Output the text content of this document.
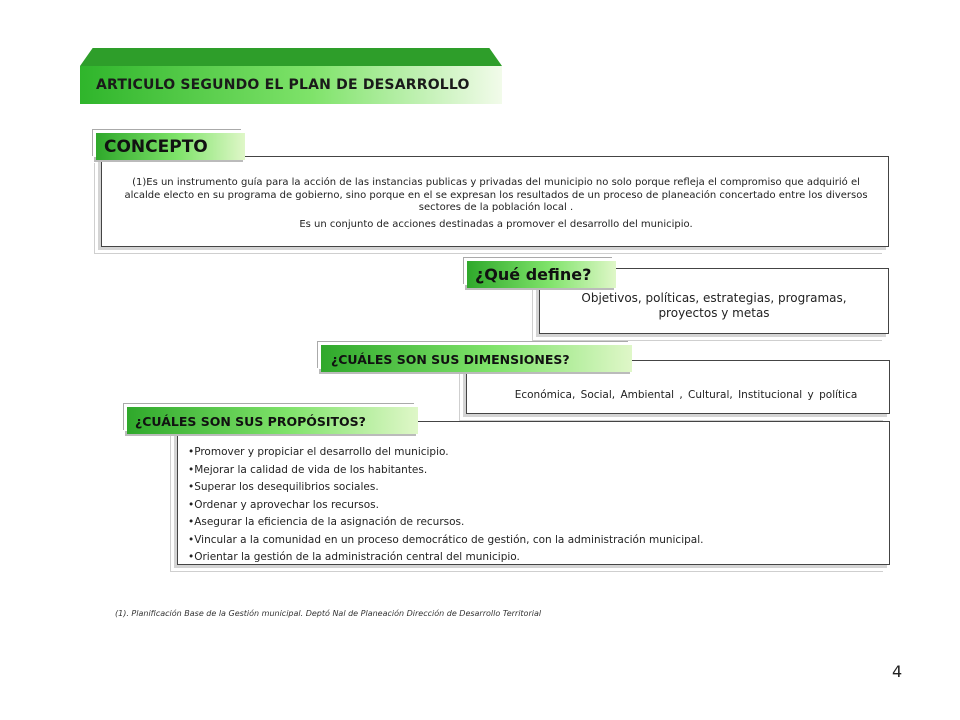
ARTICULO SEGUNDO EL PLAN DE DESARROLLO

(1)Es un instrumento guía para la acción de las instancias publicas y privadas del municipio no solo porque refleja el compromiso que adquirió el alcalde electo en su programa de gobierno, sino porque en el se expresan los resultados de un proceso de planeación concertado entre los diversos sectores de la población local .

Es un conjunto de acciones destinadas a promover el desarrollo del municipio.

CONCEPTO
Objetivos, políticas, estrategias, programas, proyectos y metas
¿Qué define?
Económica, Social, Ambiental , Cultural, Institucional y política
¿CUÁLES SON SUS DIMENSIONES?
•Promover y propiciar el desarrollo del municipio.
•Mejorar la calidad de vida de los habitantes.
•Superar los desequilibrios sociales.
•Ordenar y aprovechar los recursos.
•Asegurar la eficiencia de la asignación de recursos.
•Vincular a la comunidad en un proceso democrático de gestión, con la administración municipal.
•Orientar la gestión de la administración central del municipio.
¿CUÁLES SON SUS PROPÓSITOS?
(1). Planificación Base de la Gestión municipal. Deptó Nal de Planeación Dirección de Desarrollo Territorial
4
